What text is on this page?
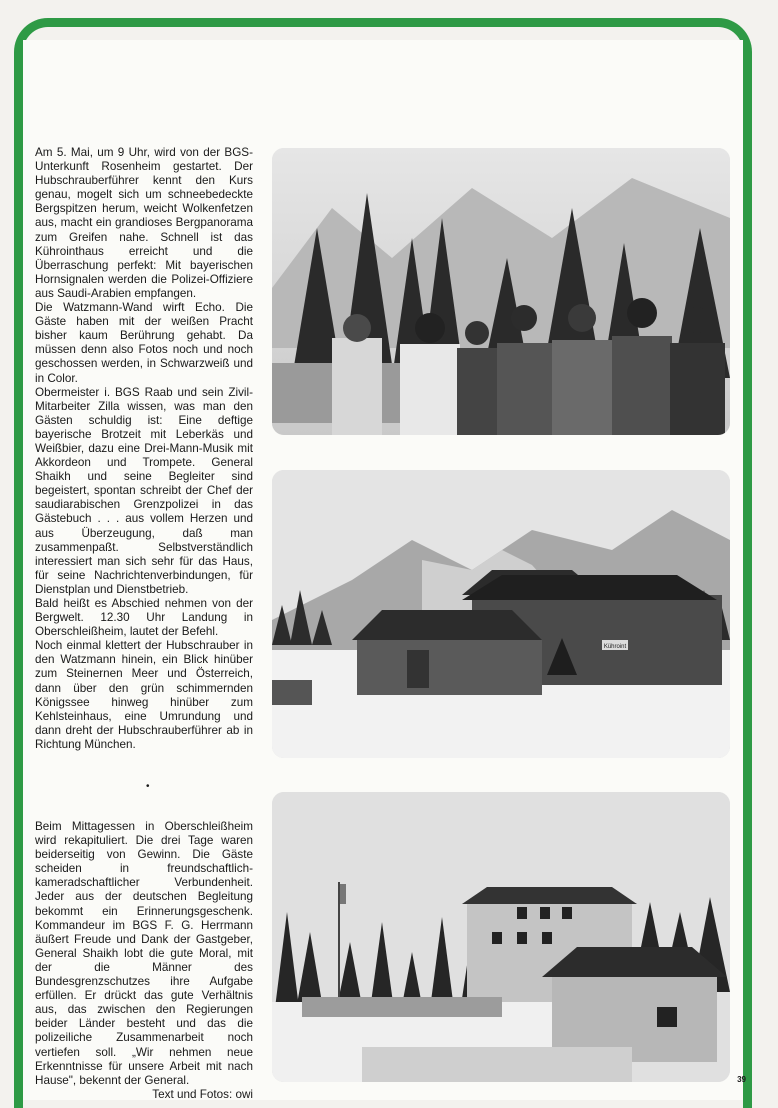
Am 5. Mai, um 9 Uhr, wird von der BGS-Unterkunft Rosenheim gestartet. Der Hubschrauberführer kennt den Kurs genau, mogelt sich um schneebedeckte Bergspitzen herum, weicht Wolkenfetzen aus, macht ein grandioses Bergpanorama zum Greifen nahe. Schnell ist das Kührointhaus erreicht und die Überraschung perfekt: Mit bayerischen Hornsignalen werden die Polizei-Offiziere aus Saudi-Arabien empfangen.

Die Watzmann-Wand wirft Echo. Die Gäste haben mit der weißen Pracht bisher kaum Berührung gehabt. Da müssen denn also Fotos noch und noch geschossen werden, in Schwarzweiß und in Color.

Obermeister i. BGS Raab und sein Zivil-Mitarbeiter Zilla wissen, was man den Gästen schuldig ist: Eine deftige bayerische Brotzeit mit Leberkäs und Weißbier, dazu eine Drei-Mann-Musik mit Akkordeon und Trompete. General Shaikh und seine Begleiter sind begeistert, spontan schreibt der Chef der saudiarabischen Grenzpolizei in das Gästebuch . . . aus vollem Herzen und aus Überzeugung, daß man zusammenpaßt. Selbstverständlich interessiert man sich sehr für das Haus, für seine Nachrichtenverbindungen, für Dienstplan und Dienstbetrieb.

Bald heißt es Abschied nehmen von der Bergwelt. 12.30 Uhr Landung in Oberschleißheim, lautet der Befehl.

Noch einmal klettert der Hubschrauber in den Watzmann hinein, ein Blick hinüber zum Steinernen Meer und Österreich, dann über den grün schimmernden Königssee hinweg hinüber zum Kehlsteinhaus, eine Umrundung und dann dreht der Hubschrauberführer ab in Richtung München.

•

Beim Mittagessen in Oberschleißheim wird rekapituliert. Die drei Tage waren beiderseitig von Gewinn. Die Gäste scheiden in freundschaftlich-kameradschaftlicher Verbundenheit. Jeder aus der deutschen Begleitung bekommt ein Erinnerungsgeschenk. Kommandeur im BGS F. G. Herrmann äußert Freude und Dank der Gastgeber, General Shaikh lobt die gute Moral, mit der die Männer des Bundesgrenzschutzes ihre Aufgabe erfüllen. Er drückt das gute Verhältnis aus, das zwischen den Regierungen beider Länder besteht und das die polizeiliche Zusammenarbeit noch vertiefen soll. „Wir nehmen neue Erkenntnisse für unsere Arbeit mit nach Hause", bekennt der General.

Text und Fotos: owi

Kühroint
39
